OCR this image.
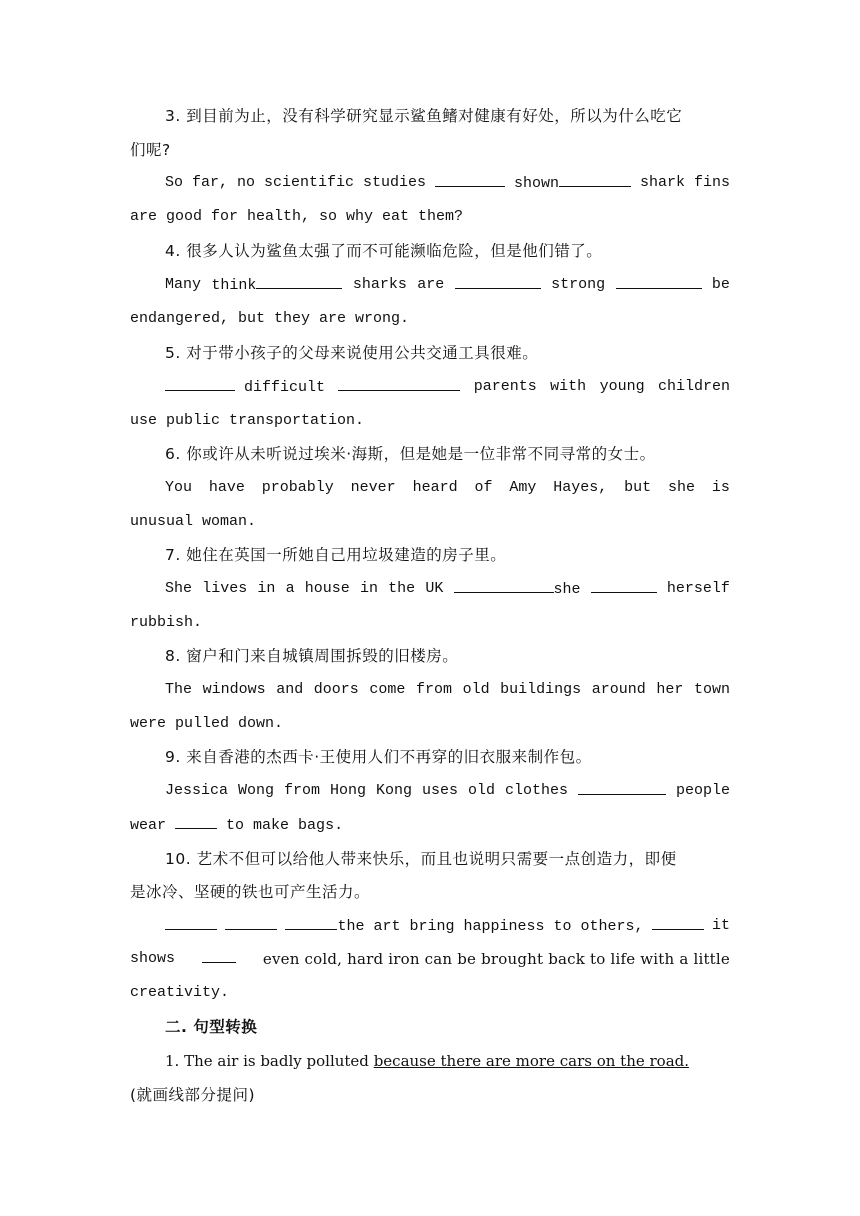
3. 到目前为止，没有科学研究显示鲨鱼鳍对健康有好处，所以为什么吃它
们呢?
So far, no scientific studies	shown	shark fins
are good for health, so why eat them?
4. 很多人认为鲨鱼太强了而不可能濒临危险，但是他们错了。
Many think	sharks are	strong	be
endangered, but they are wrong.
5. 对于带小孩子的父母来说使用公共交通工具很难。
difficult	parents with young children
use public transportation.
6. 你或许从未听说过埃米·海斯，但是她是一位非常不同寻常的女士。
You have probably never heard of Amy Hayes, but she is
unusual woman.
7. 她住在英国一所她自己用垃圾建造的房子里。
She lives in a house in the UK	she	herself
rubbish.
8. 窗户和门来自城镇周围拆毁的旧楼房。
The windows and doors come from old buildings around her town
were pulled down.
9. 来自香港的杰西卡·王使用人们不再穿的旧衣服来制作包。
Jessica Wong from Hong Kong uses old clothes	people
wear	to make bags.
10. 艺术不但可以给他人带来快乐，而且也说明只需要一点创造力，即便
是冰冷、坚硬的铁也可产生活力。
the art bring happiness to others,	it
shows	even cold, hard iron can be brought back to life with a little
creativity.
二. 句型转换
1. The air is badly polluted because there are more cars on the road.
(就画线部分提问)
